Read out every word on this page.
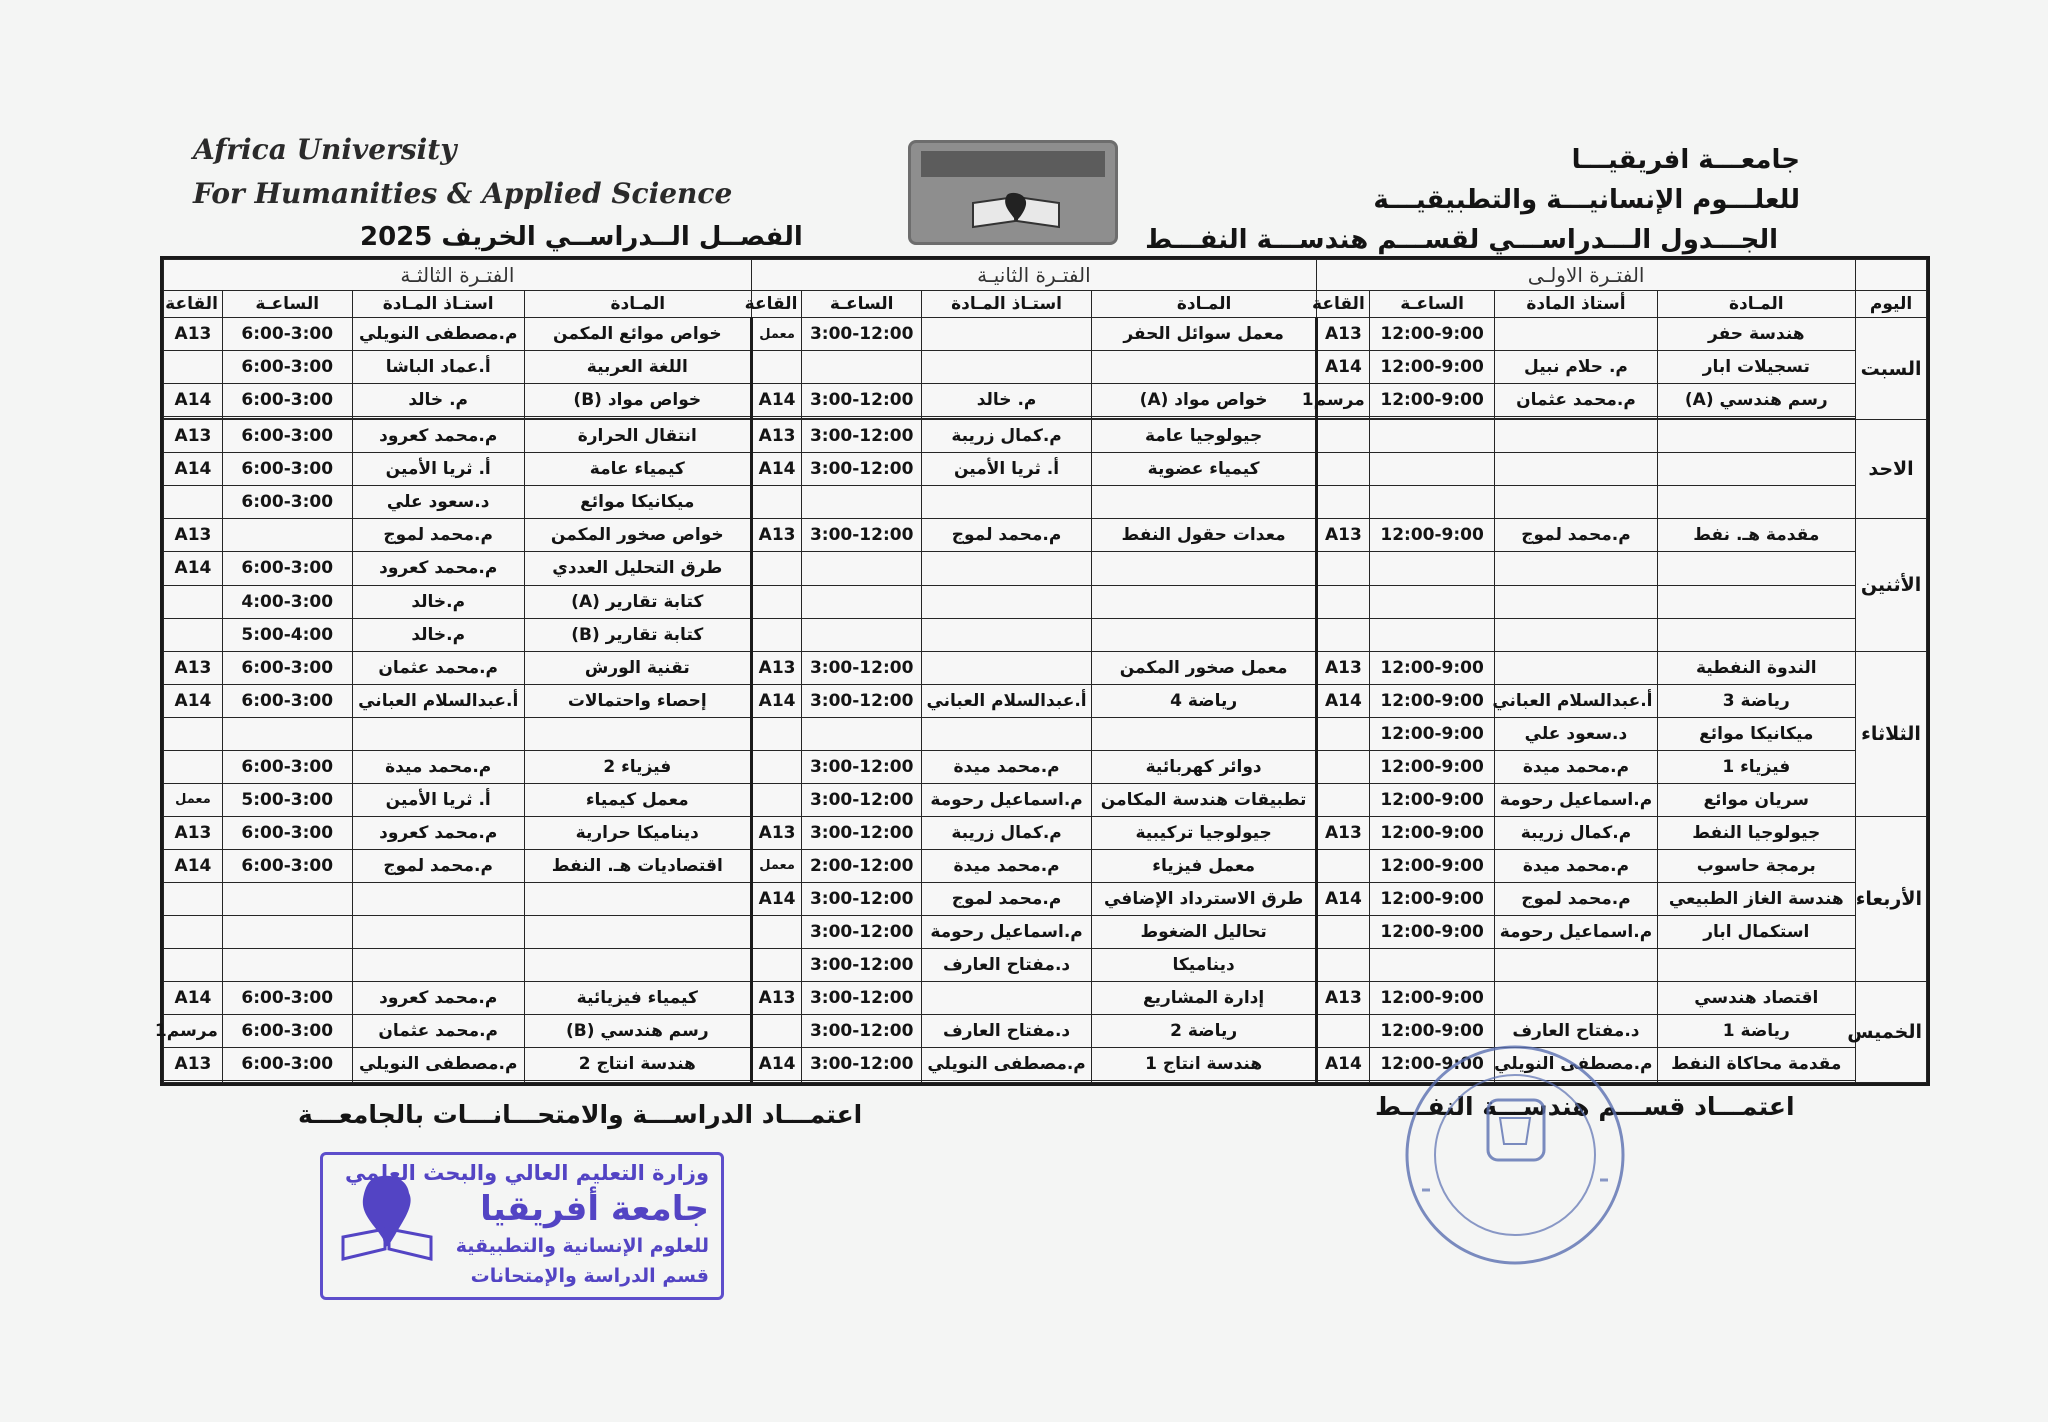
Africa University
For Humanities & Applied Science
جامعـــة افريقيـــا
للعلـــوم الإنسانيـــة والتطبيقيـــة
الجـــدول الـــدراســـي لقســـم هندســـة النفـــط
الفصــل الــدراســي الخريف 2025
	الفتـرة الاولـى				الفتـرة الثانيـة				الفتـرة الثالثـة			
اليوم	المـادة	أستاذ المادة	الساعـة	القاعة	المـادة	استـاذ المـادة	الساعـة	القاعة	المـادة	استـاذ المـادة	الساعـة	القاعة
السبت	هندسة حفر		12:00-9:00	A13	معمل سوائل الحفر		3:00-12:00	معمل	خواص موائع المكمن	م.مصطفى النويلي	6:00-3:00	A13
	تسجيلات ابار	م. حلام نبيل	12:00-9:00	A14					اللغة العربية	أ.عماد الباشا	6:00-3:00	
	رسم هندسي (A)	م.محمد عثمان	12:00-9:00	مرسم1	خواص مواد (A)	م. خالد	3:00-12:00	A14	خواص مواد (B)	م. خالد	6:00-3:00	A14

الاحد					جيولوجيا عامة	م.كمال زريبة	3:00-12:00	A13	انتقال الحرارة	م.محمد كعرود	6:00-3:00	A13
					كيمياء عضوية	أ. ثريا الأمين	3:00-12:00	A14	كيمياء عامة	أ. ثريا الأمين	6:00-3:00	A14
									ميكانيكا موائع	د.سعود علي	6:00-3:00	
الأثنين	مقدمة هـ. نفط	م.محمد لموج	12:00-9:00	A13	معدات حقول النفط	م.محمد لموج	3:00-12:00	A13	خواص صخور المكمن	م.محمد لموج		A13
									طرق التحليل العددي	م.محمد كعرود	6:00-3:00	A14
									كتابة تقارير (A)	م.خالد	4:00-3:00	
									كتابة تقارير (B)	م.خالد	5:00-4:00	
الثلاثاء	الندوة النفطية		12:00-9:00	A13	معمل صخور المكمن		3:00-12:00	A13	تقنية الورش	م.محمد عثمان	6:00-3:00	A13
	رياضة 3	أ.عبدالسلام العباني	12:00-9:00	A14	رياضة 4	أ.عبدالسلام العباني	3:00-12:00	A14	إحصاء واحتمالات	أ.عبدالسلام العباني	6:00-3:00	A14
	ميكانيكا موائع	د.سعود علي	12:00-9:00									
	فيزياء 1	م.محمد ميدة	12:00-9:00		دوائر كهربائية	م.محمد ميدة	3:00-12:00		فيزياء 2	م.محمد ميدة	6:00-3:00	
	سريان موائع	م.اسماعيل رحومة	12:00-9:00		تطبيقات هندسة المكامن	م.اسماعيل رحومة	3:00-12:00		معمل كيمياء	أ. ثريا الأمين	5:00-3:00	معمل
الأربعاء	جيولوجيا النفط	م.كمال زريبة	12:00-9:00	A13	جيولوجيا تركيبية	م.كمال زريبة	3:00-12:00	A13	ديناميكا حرارية	م.محمد كعرود	6:00-3:00	A13
	برمجة حاسوب	م.محمد ميدة	12:00-9:00		معمل فيزياء	م.محمد ميدة	2:00-12:00	معمل	اقتصاديات هـ. النفط	م.محمد لموج	6:00-3:00	A14
	هندسة الغاز الطبيعي	م.محمد لموج	12:00-9:00	A14	طرق الاسترداد الإضافي	م.محمد لموج	3:00-12:00	A14				
	استكمال ابار	م.اسماعيل رحومة	12:00-9:00		تحاليل الضغوط	م.اسماعيل رحومة	3:00-12:00					
					ديناميكا	د.مفتاح العارف	3:00-12:00					
الخميس	اقتصاد هندسي		12:00-9:00	A13	إدارة المشاريع		3:00-12:00	A13	كيمياء فيزيائية	م.محمد كعرود	6:00-3:00	A14
	رياضة 1	د.مفتاح العارف	12:00-9:00		رياضة 2	د.مفتاح العارف	3:00-12:00		رسم هندسي (B)	م.محمد عثمان	6:00-3:00	مرسم1
	مقدمة محاكاة النفط	م.مصطفى النويلي	12:00-9:00	A14	هندسة انتاج 1	م.مصطفى النويلي	3:00-12:00	A14	هندسة انتاج 2	م.مصطفى النويلي	6:00-3:00	A13

اعتمـــاد الدراســـة والامتحـــانـــات بالجامعـــة	اعتمـــاد قســـم هندســـة النفـــط
وزارة التعليم العالي والبحث العلمي
جامعة أفريقيا
للعلوم الإنسانية والتطبيقية
قسم الدراسة والإمتحانات
